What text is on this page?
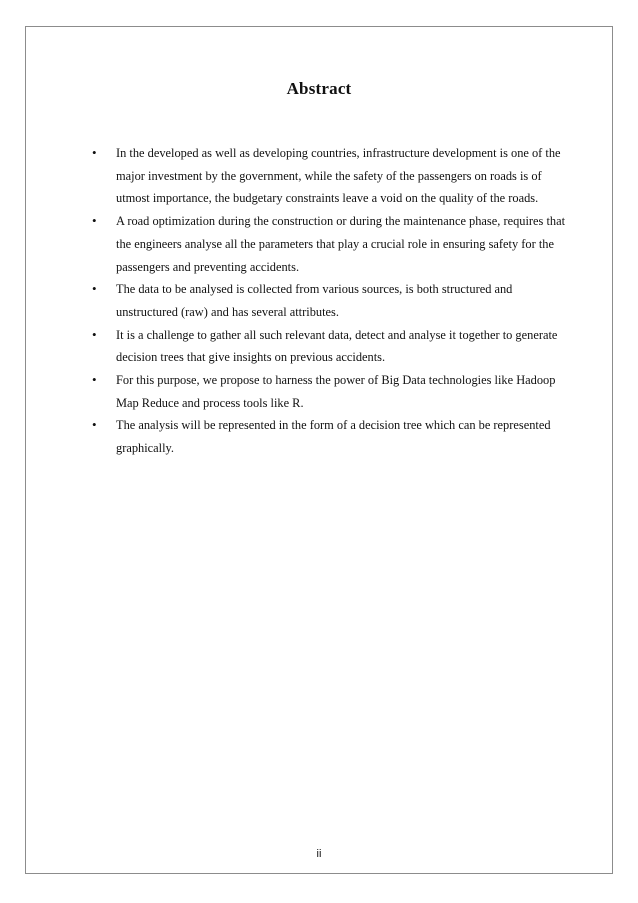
Abstract
• In the developed as well as developing countries, infrastructure development is one of the major investment by the government, while the safety of the passengers on roads is of utmost importance, the budgetary constraints leave a void on the quality of the roads.
• A road optimization during the construction or during the maintenance phase, requires that the engineers analyse all the parameters that play a crucial role in ensuring safety for the passengers and preventing accidents.
• The data to be analysed is collected from various sources, is both structured and unstructured (raw) and has several attributes.
• It is a challenge to gather all such relevant data, detect and analyse it together to generate decision trees that give insights on previous accidents.
• For this purpose, we propose to harness the power of Big Data technologies like Hadoop Map Reduce and process tools like R.
• The analysis will be represented in the form of a decision tree which can be represented graphically.
ii
